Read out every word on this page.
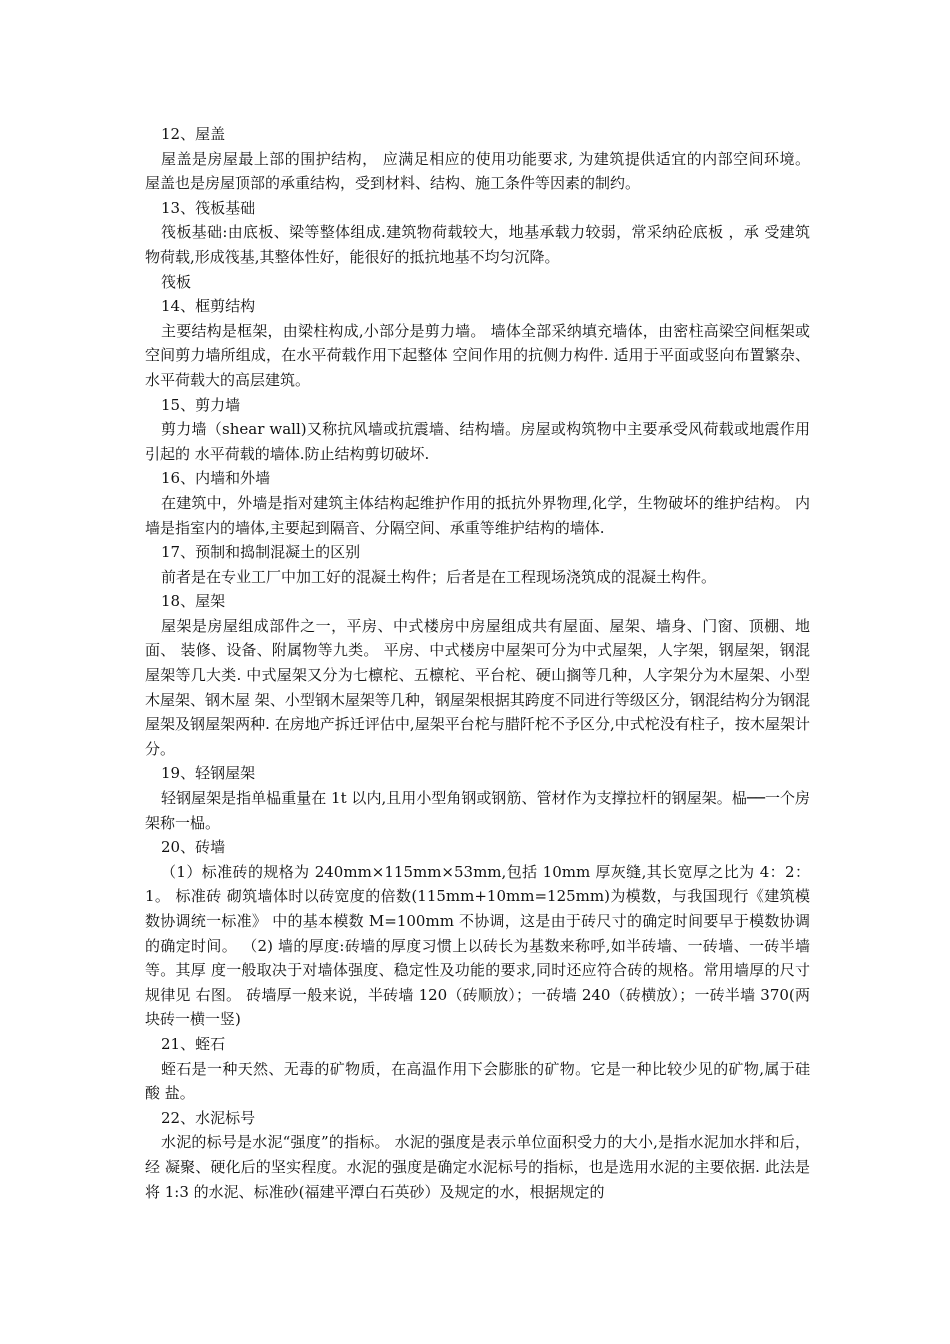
12、屋盖

屋盖是房屋最上部的围护结构， 应满足相应的使用功能要求, 为建筑提供适宜的内部空间环境。 屋盖也是房屋顶部的承重结构，受到材料、结构、施工条件等因素的制约。

13、筏板基础

筏板基础:由底板、梁等整体组成.建筑物荷载较大，地基承载力较弱，常采纳砼底板 ，承 受建筑物荷载,形成筏基,其整体性好，能很好的抵抗地基不均匀沉降。

筏板

14、框剪结构

主要结构是框架，由梁柱构成,小部分是剪力墙。 墙体全部采纳填充墙体，由密柱高梁空间框架或空间剪力墙所组成，在水平荷载作用下起整体 空间作用的抗侧力构件. 适用于平面或竖向布置繁杂、水平荷载大的高层建筑。

15、剪力墙

剪力墙（shear wall)又称抗风墙或抗震墙、结构墙。房屋或构筑物中主要承受风荷载或地震作用引起的 水平荷载的墙体.防止结构剪切破坏.

16、内墙和外墙

在建筑中，外墙是指对建筑主体结构起维护作用的抵抗外界物理,化学，生物破坏的维护结构。 内墙是指室内的墙体,主要起到隔音、分隔空间、承重等维护结构的墙体.

17、预制和捣制混凝土的区别

前者是在专业工厂中加工好的混凝土构件；后者是在工程现场浇筑成的混凝土构件。

18、屋架

屋架是房屋组成部件之一，平房、中式楼房中房屋组成共有屋面、屋架、墙身、门窗、顶棚、地面、 装修、设备、附属物等九类。 平房、中式楼房中屋架可分为中式屋架，人字架，钢屋架，钢混屋架等几大类. 中式屋架又分为七檩柁、五檩柁、平台柁、硬山搁等几种，人字架分为木屋架、小型木屋架、钢木屋 架、小型钢木屋架等几种，钢屋架根据其跨度不同进行等级区分，钢混结构分为钢混屋架及钢屋架两种. 在房地产拆迁评估中,屋架平台柁与腊阡柁不予区分,中式柁没有柱子，按木屋架计分。

19、轻钢屋架

轻钢屋架是指单榀重量在 1t 以内,且用小型角钢或钢筋、管材作为支撑拉杆的钢屋架。榀──一个房架称一榀。

20、砖墙

（1）标准砖的规格为 240mm×115mm×53mm,包括 10mm 厚灰缝,其长宽厚之比为 4：2：1。 标准砖 砌筑墙体时以砖宽度的倍数(115mm+10mm=125mm)为模数，与我国现行《建筑模数协调统一标准》 中的基本模数 M=100mm 不协调，这是由于砖尺寸的确定时间要早于模数协调的确定时间。 （2) 墙的厚度:砖墙的厚度习惯上以砖长为基数来称呼,如半砖墙、一砖墙、一砖半墙等。其厚 度一般取决于对墙体强度、稳定性及功能的要求,同时还应符合砖的规格。常用墙厚的尺寸规律见 右图。 砖墙厚一般来说，半砖墙 120（砖顺放）；一砖墙 240（砖横放）；一砖半墙 370(两块砖一横一竖)

21、蛭石

蛭石是一种天然、无毒的矿物质，在高温作用下会膨胀的矿物。它是一种比较少见的矿物,属于硅酸 盐。

22、水泥标号

水泥的标号是水泥“强度”的指标。 水泥的强度是表示单位面积受力的大小,是指水泥加水拌和后，经 凝聚、硬化后的坚实程度。水泥的强度是确定水泥标号的指标，也是选用水泥的主要依据. 此法是将 1:3 的水泥、标准砂(福建平潭白石英砂）及规定的水，根据规定的
